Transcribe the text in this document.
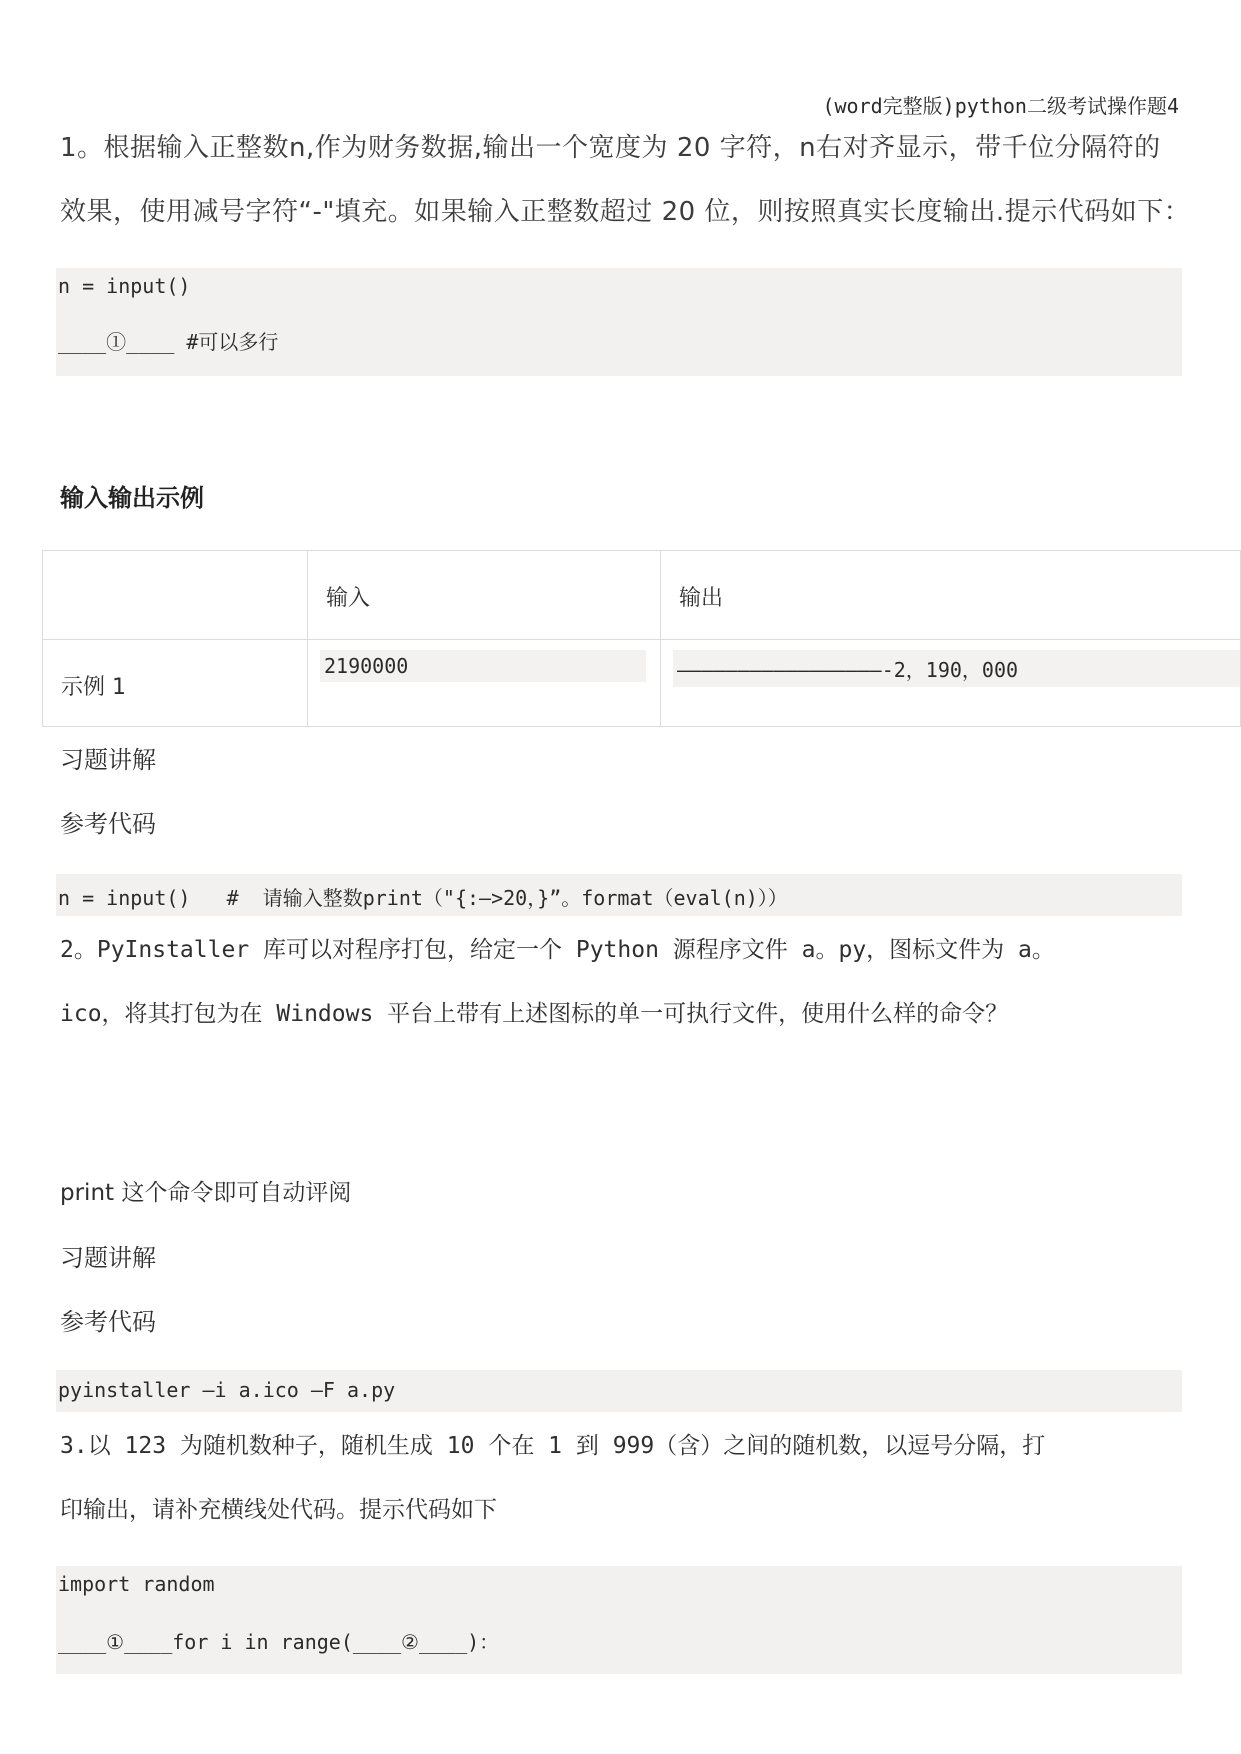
(word完整版)python二级考试操作题4
1。根据输入正整数n,作为财务数据,输出一个宽度为 20 字符，n右对齐显示，带千位分隔符的
效果，使用减号字符“-"填充。如果输入正整数超过 20 位，则按照真实长度输出.提示代码如下：
n = input()
____①____ #可以多行
输入输出示例

	输入	输出

示例 1	2190000	—————————————————-2，190，000
习题讲解
参考代码
n = input()   #  请输入整数print（"{:—>20，}”。format（eval(n)））
2。PyInstaller 库可以对程序打包，给定一个 Python 源程序文件 a。py，图标文件为 a。
ico，将其打包为在 Windows 平台上带有上述图标的单一可执行文件，使用什么样的命令？
print 这个命令即可自动评阅
习题讲解
参考代码
pyinstaller –i a.ico –F a.py
3.以 123 为随机数种子，随机生成 10 个在 1 到 999（含）之间的随机数，以逗号分隔，打
印输出，请补充横线处代码。提示代码如下
import random
____①____for i in range(____②____)：
